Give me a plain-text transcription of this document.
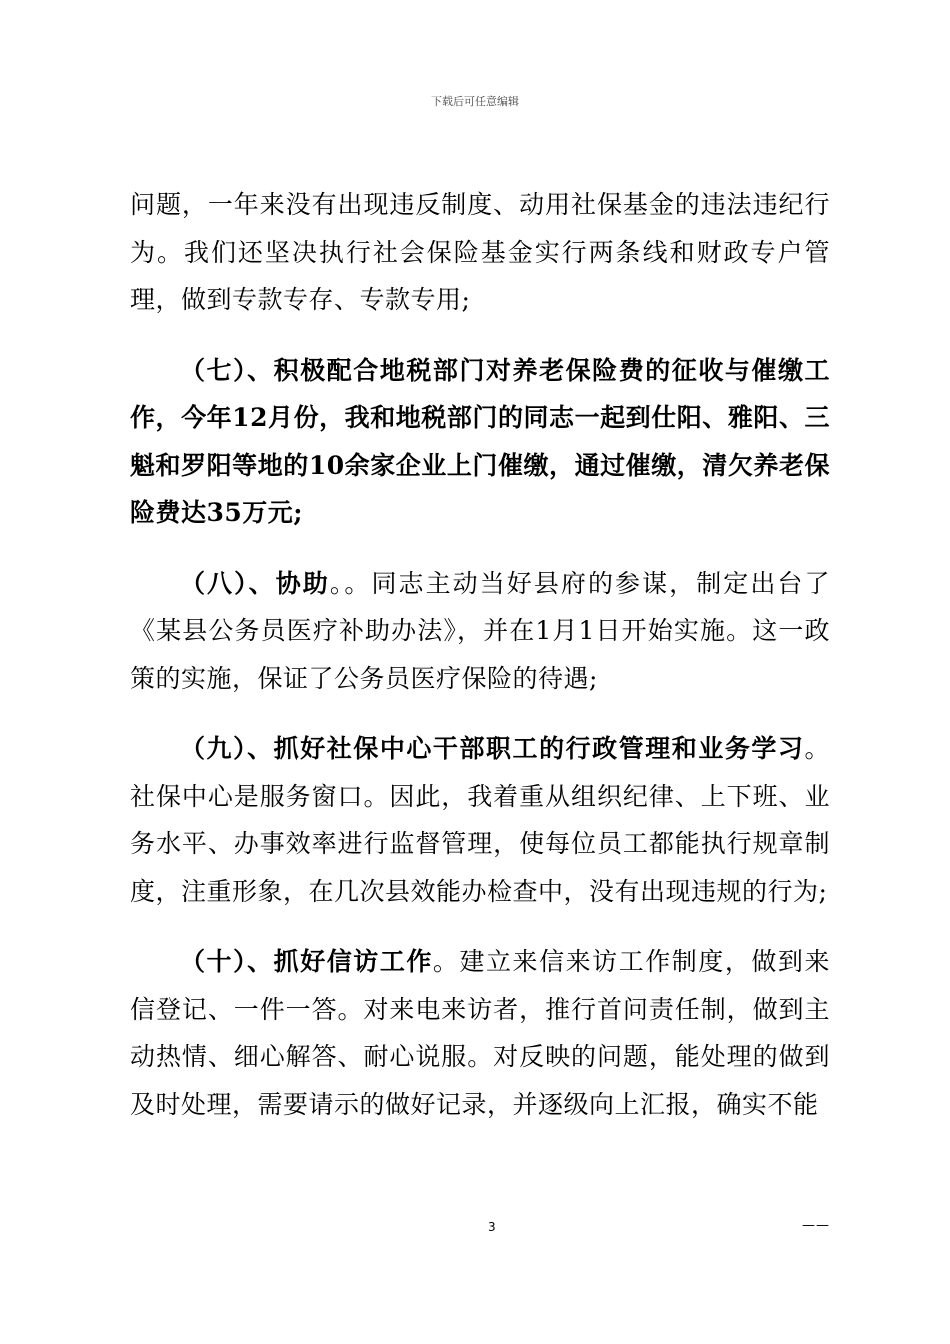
下载后可任意编辑

问题，一年来没有出现违反制度、动用社保基金的违法违纪行为。我们还坚决执行社会保险基金实行两条线和财政专户管理，做到专款专存、专款专用;

（七）、积极配合地税部门对养老保险费的征收与催缴工作，今年12月份，我和地税部门的同志一起到仕阳、雅阳、三魁和罗阳等地的10余家企业上门催缴，通过催缴，清欠养老保险费达35万元;

（八）、协助。。同志主动当好县府的参谋，制定出台了《某县公务员医疗补助办法》，并在1月1日开始实施。这一政策的实施，保证了公务员医疗保险的待遇;

（九）、抓好社保中心干部职工的行政管理和业务学习。社保中心是服务窗口。因此，我着重从组织纪律、上下班、业务水平、办事效率进行监督管理，使每位员工都能执行规章制度，注重形象，在几次县效能办检查中，没有出现违规的行为;

（十）、抓好信访工作。建立来信来访工作制度，做到来信登记、一件一答。对来电来访者，推行首问责任制，做到主动热情、细心解答、耐心说服。对反映的问题，能处理的做到及时处理，需要请示的做好记录，并逐级向上汇报，确实不能

3	——
